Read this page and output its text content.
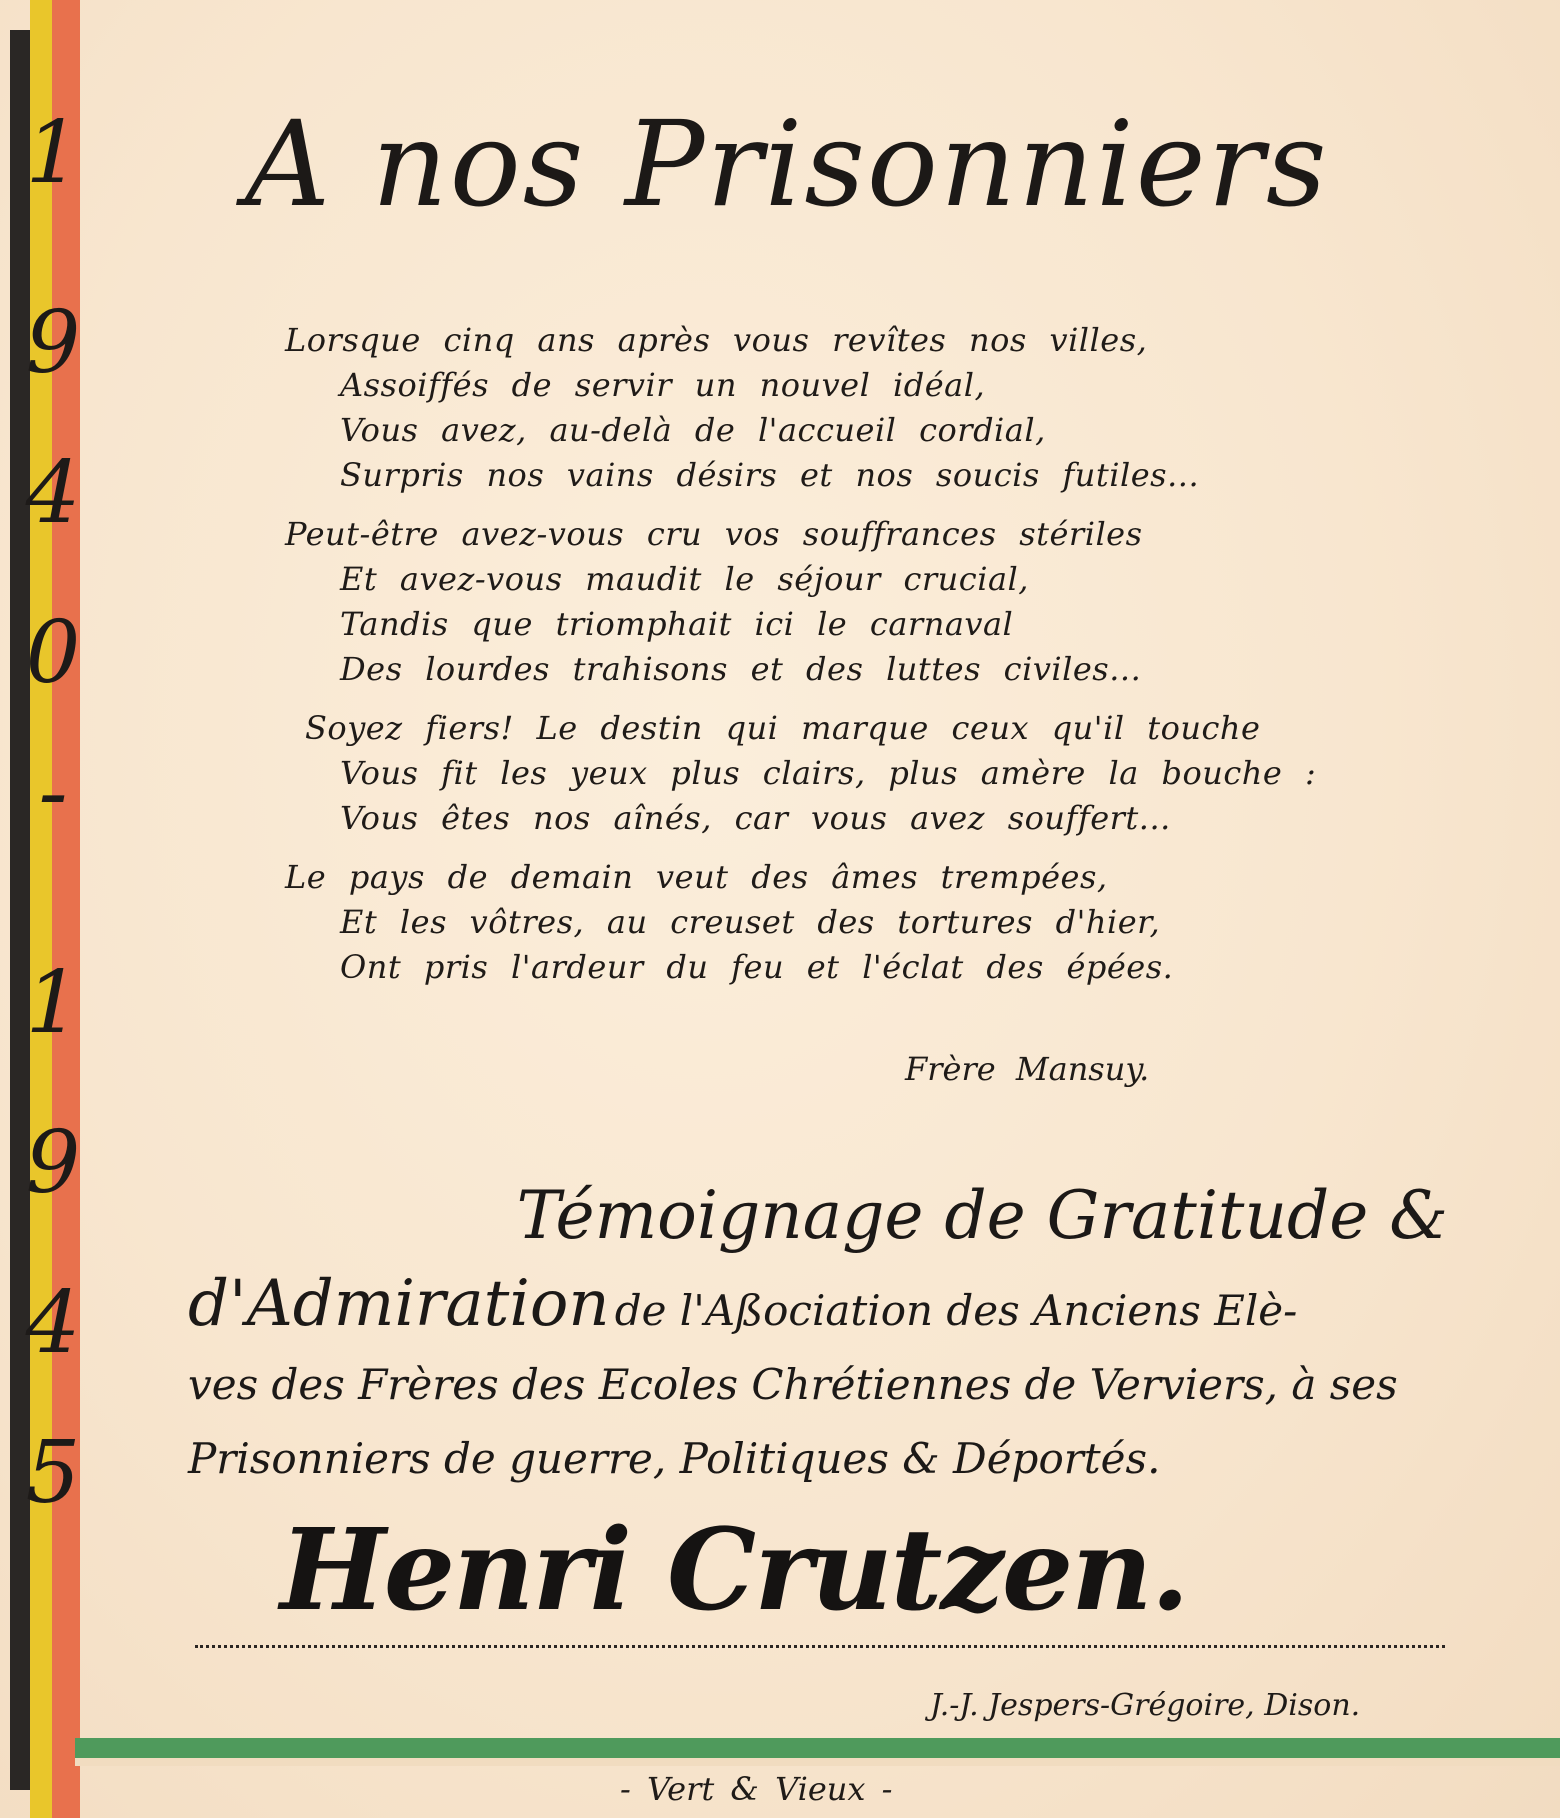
1
9
4
0
-
1
9
4
5
A nos Prisonniers
Lorsque cinq ans après vous revîtes nos villes,
Assoiffés de servir un nouvel idéal,
Vous avez, au-delà de l'accueil cordial,
Surpris nos vains désirs et nos soucis futiles...
Peut-être avez-vous cru vos souffrances stériles
Et avez-vous maudit le séjour crucial,
Tandis que triomphait ici le carnaval
Des lourdes trahisons et des luttes civiles...
Soyez fiers! Le destin qui marque ceux qu'il touche
Vous fit les yeux plus clairs, plus amère la bouche :
Vous êtes nos aînés, car vous avez souffert...
Le pays de demain veut des âmes trempées,
Et les vôtres, au creuset des tortures d'hier,
Ont pris l'ardeur du feu et l'éclat des épées.
Frère Mansuy.
Témoignage de Gratitude &
d'Admiration de l'Aßociation des Anciens Elè-
ves des Frères des Ecoles Chrétiennes de Verviers, à ses
Prisonniers de guerre, Politiques & Déportés.
Henri Crutzen.
J.-J. Jespers-Grégoire, Dison.
- Vert & Vieux -
